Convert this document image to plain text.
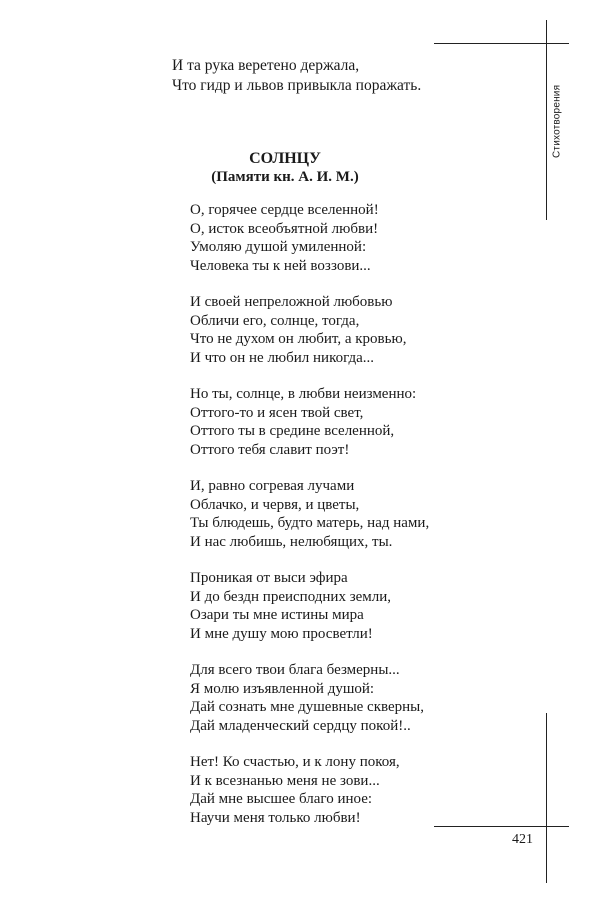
Стихотворения
И та рука веретено держала,
Что гидр и львов привыкла поражать.
СОЛНЦУ
(Памяти кн. А. И. М.)
О, горячее сердце вселенной!
О, исток всеобъятной любви!
Умоляю душой умиленной:
Человека ты к ней воззови...
И своей непреложной любовью
Обличи его, солнце, тогда,
Что не духом он любит, а кровью,
И что он не любил никогда...
Но ты, солнце, в любви неизменно:
Оттого-то и ясен твой свет,
Оттого ты в средине вселенной,
Оттого тебя славит поэт!
И, равно согревая лучами
Облачко, и червя, и цветы,
Ты блюдешь, будто матерь, над нами,
И нас любишь, нелюбящих, ты.
Проникая от выси эфира
И до бездн преисподних земли,
Озари ты мне истины мира
И мне душу мою просветли!
Для всего твои блага безмерны...
Я молю изъявленной душой:
Дай сознать мне душевные скверны,
Дай младенческий сердцу покой!..
Нет! Ко счастью, и к лону покоя,
И к всезнанью меня не зови...
Дай мне высшее благо иное:
Научи меня только любви!
421
